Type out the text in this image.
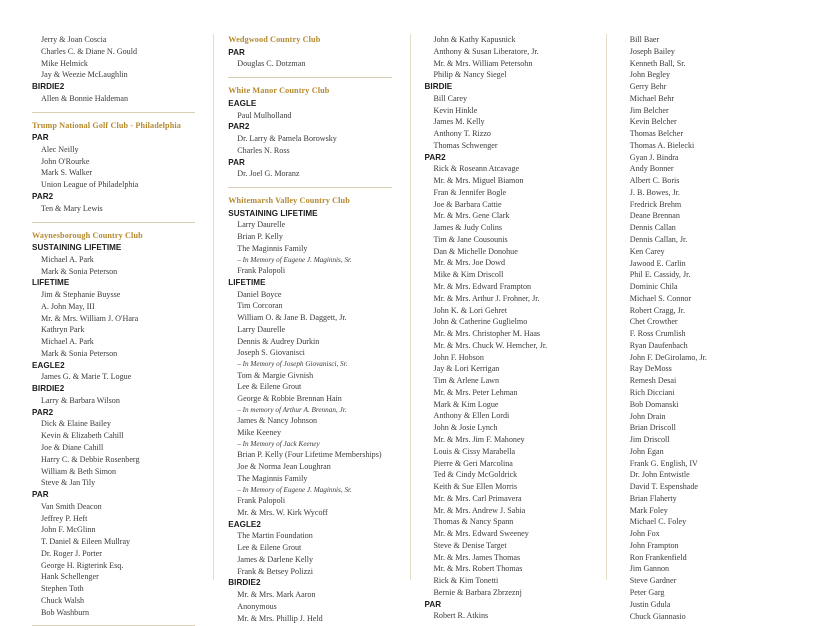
Jerry & Joan Coscia
Charles C. & Diane N. Gould
Mike Helmick
Jay & Weezie McLaughlin
BIRDIE2
Allen & Bonnie Haldeman
Trump National Golf Club - Philadelphia
PAR
Alec Neilly
John O'Rourke
Mark S. Walker
Union League of Philadelphia
PAR2
Ten & Mary Lewis
Waynesborough Country Club
SUSTAINING LIFETIME
Michael A. Park
Mark & Sonia Peterson
LIFETIME
Jim & Stephanie Buysse
A. John May, III
Mr. & Mrs. William J. O'Hara
Kathryn Park
Michael A. Park
Mark & Sonia Peterson
EAGLE2
James G. & Marie T. Logue
BIRDIE2
Larry & Barbara Wilson
PAR2
Dick & Elaine Bailey
Kevin & Elizabeth Cahill
Joe & Diane Cahill
Harry C. & Debbie Rosenberg
William & Beth Simon
Steve & Jan Tily
PAR
Van Smith Deacon
Jeffrey P. Heft
John F. McGlinn
T. Daniel & Eileen Mullray
Dr. Roger J. Porter
George H. Rigterink Esq.
Hank Schellenger
Stephen Toth
Chuck Walsh
Bob Washburn
Wedgwood Country Club
PAR
Douglas C. Dotzman
White Manor Country Club
EAGLE
Paul Mulholland
PAR2
Dr. Larry & Pamela Borowsky
Charles N. Ross
PAR
Dr. Joel G. Moranz
Whitemarsh Valley Country Club
SUSTAINING LIFETIME
Larry Daurelle
Brian P. Kelly
The Maginnis Family
– In Memory of Eugene J. Maginnis, Sr.
Frank Palopoli
LIFETIME
Daniel Boyce
Tim Corcoran
William O. & Jane B. Daggett, Jr.
Larry Daurelle
Dennis & Audrey Durkin
Joseph S. Giovanisci
– In Memory of Joseph Giovanisci, Sr.
Tom & Margie Givnish
Lee & Eilene Grout
George & Robbie Brennan Hain
– In memory of Arthur A. Brennan, Jr.
James & Nancy Johnson
Mike Keeney
– In Memory of Jack Keeney
Brian P. Kelly (Four Lifetime Memberships)
Joe & Norma Jean Loughran
The Maginnis Family
– In Memory of Eugene J. Maginnis, Sr.
Frank Palopoli
Mr. & Mrs. W. Kirk Wycoff
EAGLE2
The Martin Foundation
Lee & Eilene Grout
James & Darlene Kelly
Frank & Betsey Polizzi
BIRDIE2
Mr. & Mrs. Mark Aaron
Anonymous
Mr. & Mrs. Phillip J. Held
John & Kathy Kapusnick
Anthony & Susan Liberatore, Jr.
Mr. & Mrs. William Petersohn
Philip & Nancy Siegel
BIRDIE
Bill Carey
Kevin Hinkle
James M. Kelly
Anthony T. Rizzo
Thomas Schwenger
PAR2
Rick & Roseann Atcavage
Mr. & Mrs. Miguel Biamon
Fran & Jennifer Bogle
Joe & Barbara Cattie
Mr. & Mrs. Gene Clark
James & Judy Colins
Tim & Jane Cousounis
Dan & Michelle Donohue
Mr. & Mrs. Joe Dowd
Mike & Kim Driscoll
Mr. & Mrs. Edward Frampton
Mr. & Mrs. Arthur J. Frohner, Jr.
John K. & Lori Gehret
John & Catherine Guglielmo
Mr. & Mrs. Christopher M. Haas
Mr. & Mrs. Chuck W. Hemcher, Jr.
John F. Hobson
Jay & Lori Kerrigan
Tim & Arlene Lawn
Mr. & Mrs. Peter Lehman
Mark & Kim Logue
Anthony & Ellen Lordi
John & Josie Lynch
Mr. & Mrs. Jim F. Mahoney
Louis & Cissy Marabella
Pierre & Geri Marcolina
Ted & Cindy McGoldrick
Keith & Sue Ellen Morris
Mr. & Mrs. Carl Primavera
Mr. & Mrs. Andrew J. Sabia
Thomas & Nancy Spann
Mr. & Mrs. Edward Sweeney
Steve & Denise Target
Mr. & Mrs. James Thomas
Mr. & Mrs. Robert Thomas
Rick & Kim Tonetti
Bernie & Barbara Zbrzeznj
PAR
Robert R. Atkins
Bill Baer
Joseph Bailey
Kenneth Ball, Sr.
John Begley
Gerry Behr
Michael Behr
Jim Belcher
Kevin Belcher
Thomas Belcher
Thomas A. Bielecki
Gyan J. Bindra
Andy Bonner
Albert C. Boris
J. B. Bowes, Jr.
Fredrick Brehm
Deane Brennan
Dennis Callan
Dennis Callan, Jr.
Ken Carey
Jawood E. Carlin
Phil E. Cassidy, Jr.
Dominic Chila
Michael S. Connor
Robert Cragg, Jr.
Chet Crowther
F. Ross Crumlish
Ryan Daufenbach
John F. DeGirolamo, Jr.
Ray DeMoss
Remesh Desai
Rich Dicciani
Bob Domanski
John Drain
Brian Driscoll
Jim Driscoll
John Egan
Frank G. English, IV
Dr. John Entwistle
David T. Espenshade
Brian Flaherty
Mark Foley
Michael C. Foley
John Fox
John Frampton
Ron Frankenfield
Jim Gannon
Steve Gardner
Peter Garg
Justin Gdula
Chuck Giannasio
